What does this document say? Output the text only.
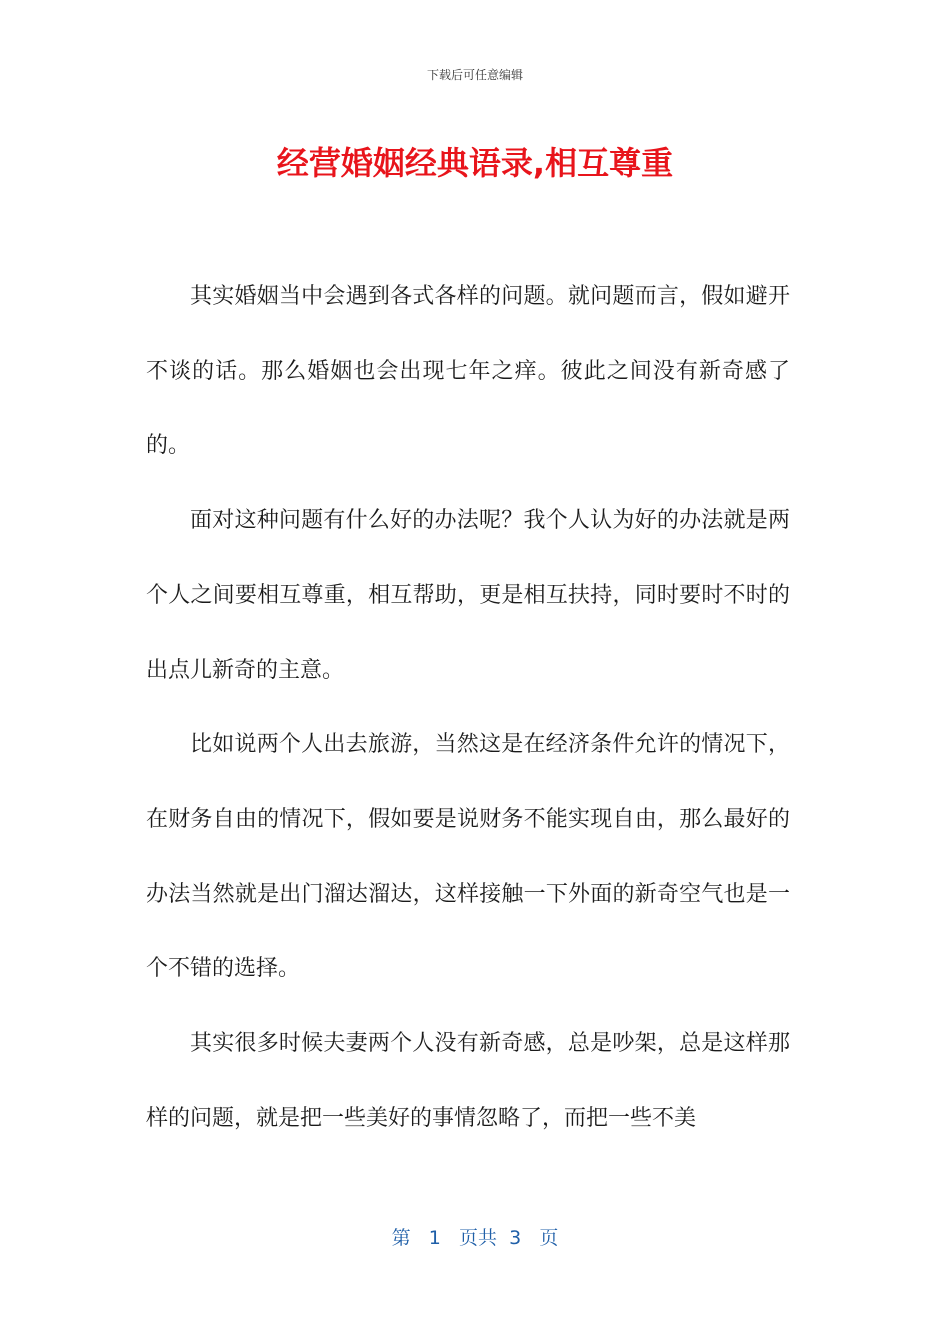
下载后可任意编辑
经营婚姻经典语录,相互尊重

其实婚姻当中会遇到各式各样的问题。就问题而言，假如避开不谈的话。那么婚姻也会出现七年之痒。彼此之间没有新奇感了的。

面对这种问题有什么好的办法呢？我个人认为好的办法就是两个人之间要相互尊重，相互帮助，更是相互扶持，同时要时不时的出点儿新奇的主意。

比如说两个人出去旅游，当然这是在经济条件允许的情况下，在财务自由的情况下，假如要是说财务不能实现自由，那么最好的办法当然就是出门溜达溜达，这样接触一下外面的新奇空气也是一个不错的选择。

其实很多时候夫妻两个人没有新奇感，总是吵架，总是这样那样的问题，就是把一些美好的事情忽略了，而把一些不美

第 1 页共 3 页
